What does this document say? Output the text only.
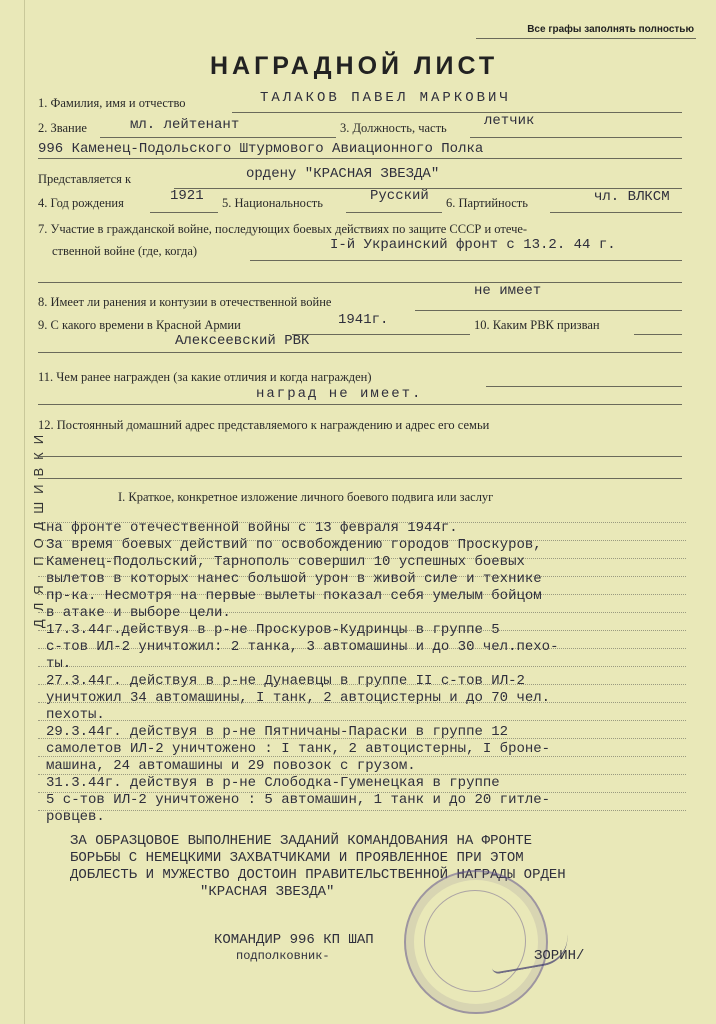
ДЛЯ ПОДШИВКИ
Все графы заполнять полностью
НАГРАДНОЙ ЛИСТ
1. Фамилия, имя и отчество	ТАЛАКОВ ПАВЕЛ МАРКОВИЧ
2. Звание	мл. лейтенант	3. Должность, часть	летчик
996 Каменец-Подольского Штурмового Авиационного Полка
Представляется к	ордену "КРАСНАЯ ЗВЕЗДА"
4. Год рождения	1921 5. Национальность	Русский 6. Партийность	чл. ВЛКСМ
7. Участие в гражданской войне, последующих боевых действиях по защите СССР и отече-
ственной войне (где, когда)	I-й Украинский фронт с 13.2. 44 г.
8. Имеет ли ранения и контузии в отечественной войне
не имеет
9. С какого времени в Красной Армии	1941г.	10. Каким РВК призван
Алексеевский РВК
11. Чем ранее награжден (за какие отличия и когда награжден)
наград не имеет.
12. Постоянный домашний адрес представляемого к награждению и адрес его семьи
I. Краткое, конкретное изложение личного боевого подвига или заслуг
на фронте отечественной войны с 13 февраля 1944г.
За время боевых действий по освобождению городов Проскуров,
Каменец-Подольский, Тарнополь совершил 10 успешных боевых
вылетов в которых нанес большой урон в живой силе и технике
пр-ка. Несмотря на первые вылеты показал себя умелым бойцом
в атаке и выборе цели.
17.3.44г.действуя в р-не Проскуров-Кудринцы в группе 5
с-тов ИЛ-2 уничтожил: 2 танка, 3 автомашины и до 30 чел.пехо-
ты.
27.3.44г. действуя в р-не Дунаевцы в группе II с-тов ИЛ-2
уничтожил 34 автомашины, I танк, 2 автоцистерны и до 70 чел.
пехоты.
29.3.44г. действуя в р-не Пятничаны-Параски в группе 12
самолетов ИЛ-2 уничтожено : I танк, 2 автоцистерны, I броне-
машина, 24 автомашины и 29 повозок с грузом.
31.3.44г. действуя в р-не Слободка-Гуменецкая в группе
5 с-тов ИЛ-2 уничтожено : 5 автомашин, 1 танк и до 20 гитле-
ровцев.
ЗА ОБРАЗЦОВОЕ ВЫПОЛНЕНИЕ ЗАДАНИЙ КОМАНДОВАНИЯ НА ФРОНТЕ
БОРЬБЫ С НЕМЕЦКИМИ ЗАХВАТЧИКАМИ И ПРОЯВЛЕННОЕ ПРИ ЭТОМ
ДОБЛЕСТЬ И МУЖЕСТВО ДОСТОИН ПРАВИТЕЛЬСТВЕННОЙ НАГРАДЫ ОРДЕН
"КРАСНАЯ ЗВЕЗДА"
КОМАНДИР 996 КП ШАП
подполковник-	ЗОРИН/
